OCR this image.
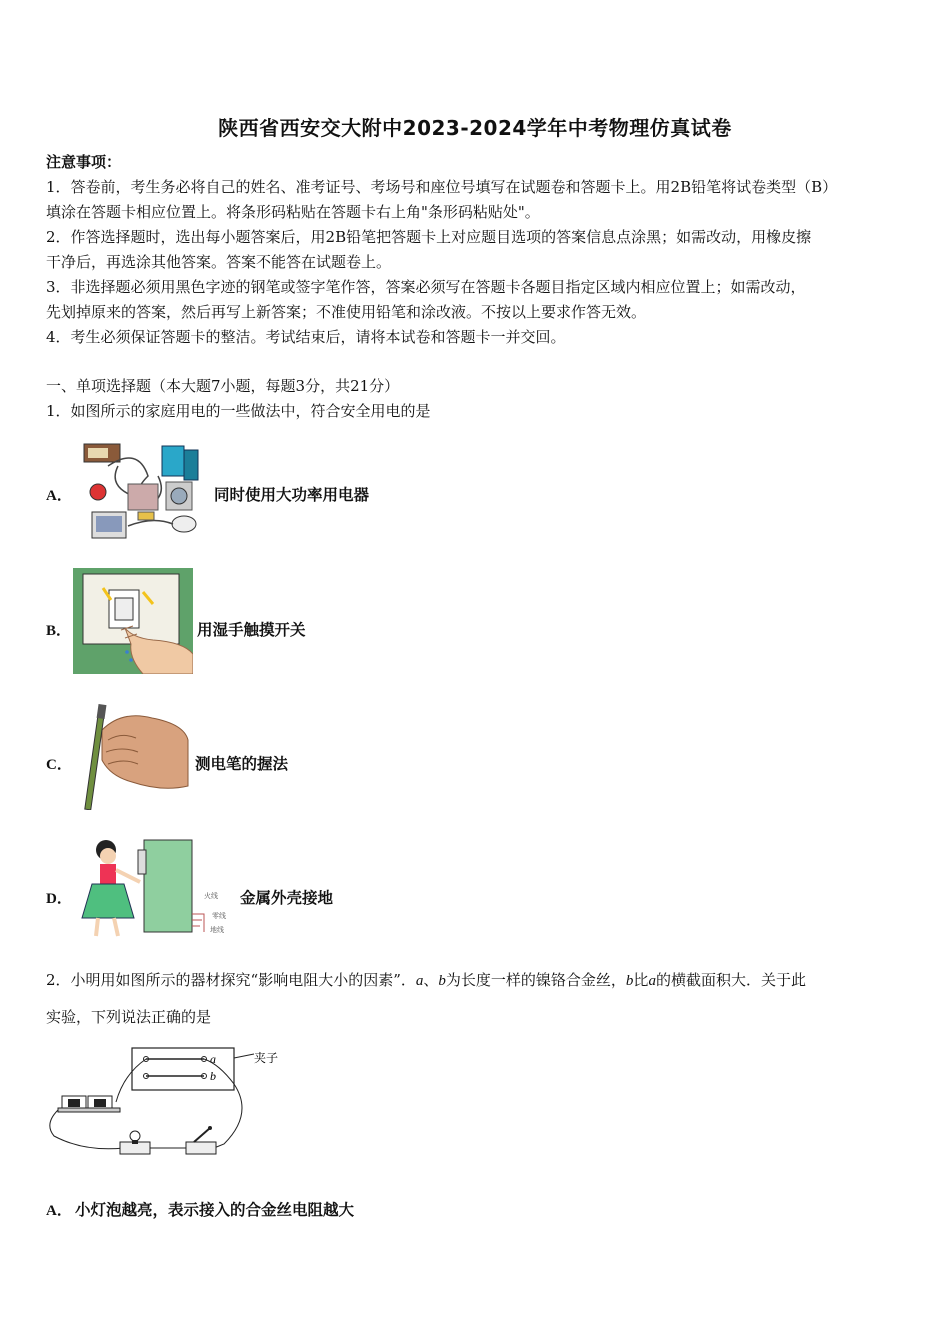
陕西省西安交大附中2023-2024学年中考物理仿真试卷
注意事项：
1．答卷前，考生务必将自己的姓名、准考证号、考场号和座位号填写在试题卷和答题卡上。用2B铅笔将试卷类型（B）
填涂在答题卡相应位置上。将条形码粘贴在答题卡右上角"条形码粘贴处"。
2．作答选择题时，选出每小题答案后，用2B铅笔把答题卡上对应题目选项的答案信息点涂黑；如需改动，用橡皮擦
干净后，再选涂其他答案。答案不能答在试题卷上。
3．非选择题必须用黑色字迹的钢笔或签字笔作答，答案必须写在答题卡各题目指定区域内相应位置上；如需改动，
先划掉原来的答案，然后再写上新答案；不准使用铅笔和涂改液。不按以上要求作答无效。
4．考生必须保证答题卡的整洁。考试结束后，请将本试卷和答题卡一并交回。
一、单项选择题（本大题7小题，每题3分，共21分）
1．如图所示的家庭用电的一些做法中，符合安全用电的是
A．	同时使用大功率用电器
B．	用湿手触摸开关
C．	测电笔的握法
火线
零线
地线
D．	金属外壳接地
2．小明用如图所示的器材探究“影响电阻大小的因素”．a、b为长度一样的镍铬合金丝，b比a的横截面积大．关于此
实验，下列说法正确的是
a
b
夹子
A． 小灯泡越亮，表示接入的合金丝电阻越大
